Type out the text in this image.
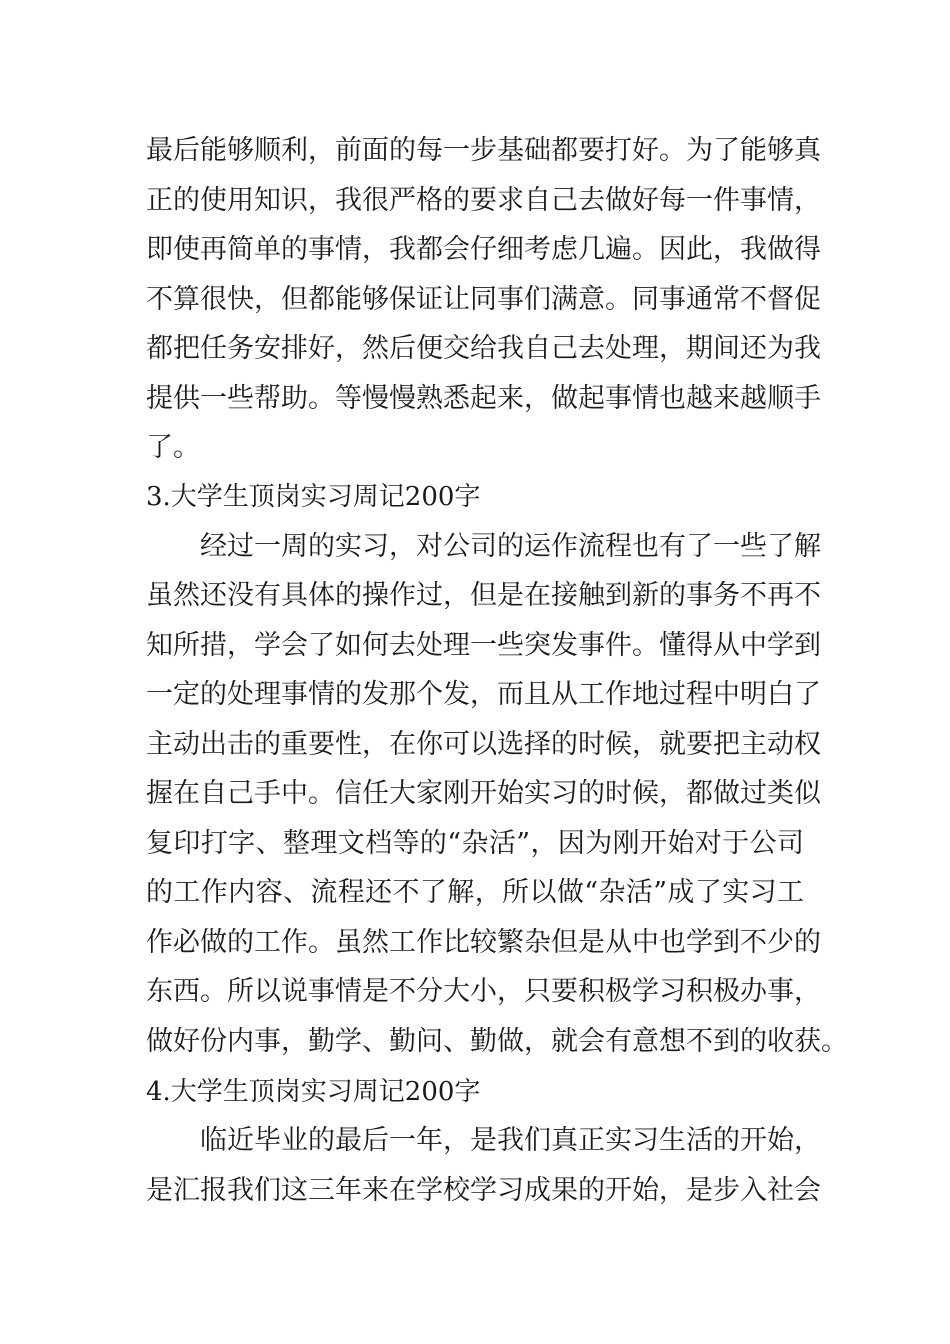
最后能够顺利，前面的每一步基础都要打好。为了能够真
正的使用知识，我很严格的要求自己去做好每一件事情，
即使再简单的事情，我都会仔细考虑几遍。因此，我做得
不算很快，但都能够保证让同事们满意。同事通常不督促
都把任务安排好，然后便交给我自己去处理，期间还为我
提供一些帮助。等慢慢熟悉起来，做起事情也越来越顺手
了。
3.大学生顶岗实习周记200字
经过一周的实习，对公司的运作流程也有了一些了解
虽然还没有具体的操作过，但是在接触到新的事务不再不
知所措，学会了如何去处理一些突发事件。懂得从中学到
一定的处理事情的发那个发，而且从工作地过程中明白了
主动出击的重要性，在你可以选择的时候，就要把主动权
握在自己手中。信任大家刚开始实习的时候，都做过类似
复印打字、整理文档等的“杂活”，因为刚开始对于公司
的工作内容、流程还不了解，所以做“杂活”成了实习工
作必做的工作。虽然工作比较繁杂但是从中也学到不少的
东西。所以说事情是不分大小，只要积极学习积极办事，
做好份内事，勤学、勤问、勤做，就会有意想不到的收获。
4.大学生顶岗实习周记200字
临近毕业的最后一年，是我们真正实习生活的开始，
是汇报我们这三年来在学校学习成果的开始，是步入社会
